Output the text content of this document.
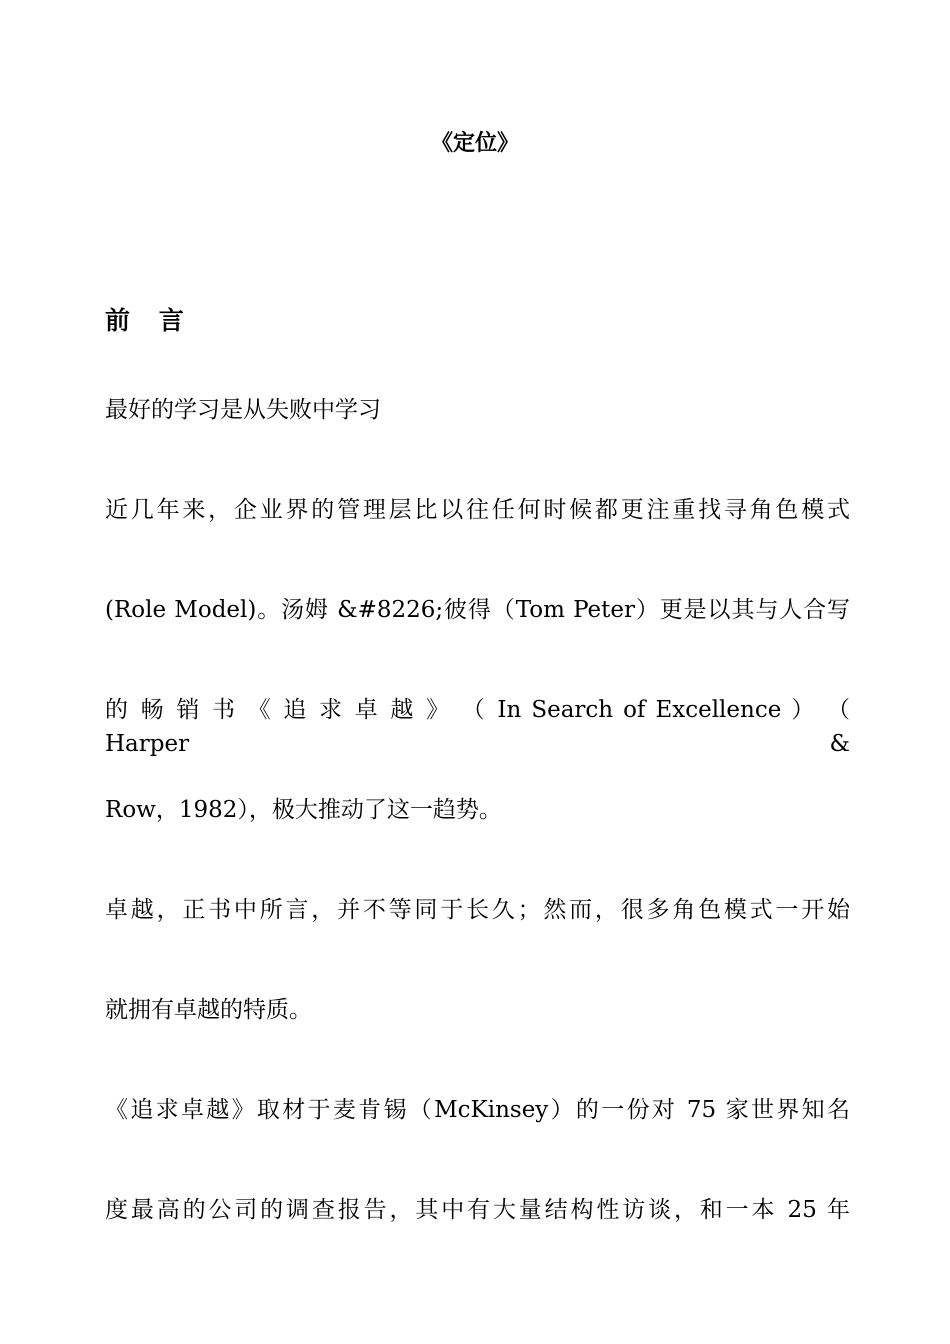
《定位》
前 言
最好的学习是从失败中学习
近几年来，企业界的管理层比以往任何时候都更注重找寻角色模式
(Role Model)。汤姆 &#8226;彼得（Tom Peter）更是以其与人合写
的 畅 销 书 《 追 求 卓 越 》 （ In Search of Excellence ） （ Harper &
Row，1982），极大推动了这一趋势。
卓越，正书中所言，并不等同于长久；然而，很多角色模式一开始
就拥有卓越的特质。
《追求卓越》取材于麦肯锡（McKinsey）的一份对 75 家世界知名
度最高的公司的调查报告，其中有大量结构性访谈，和一本 25 年
